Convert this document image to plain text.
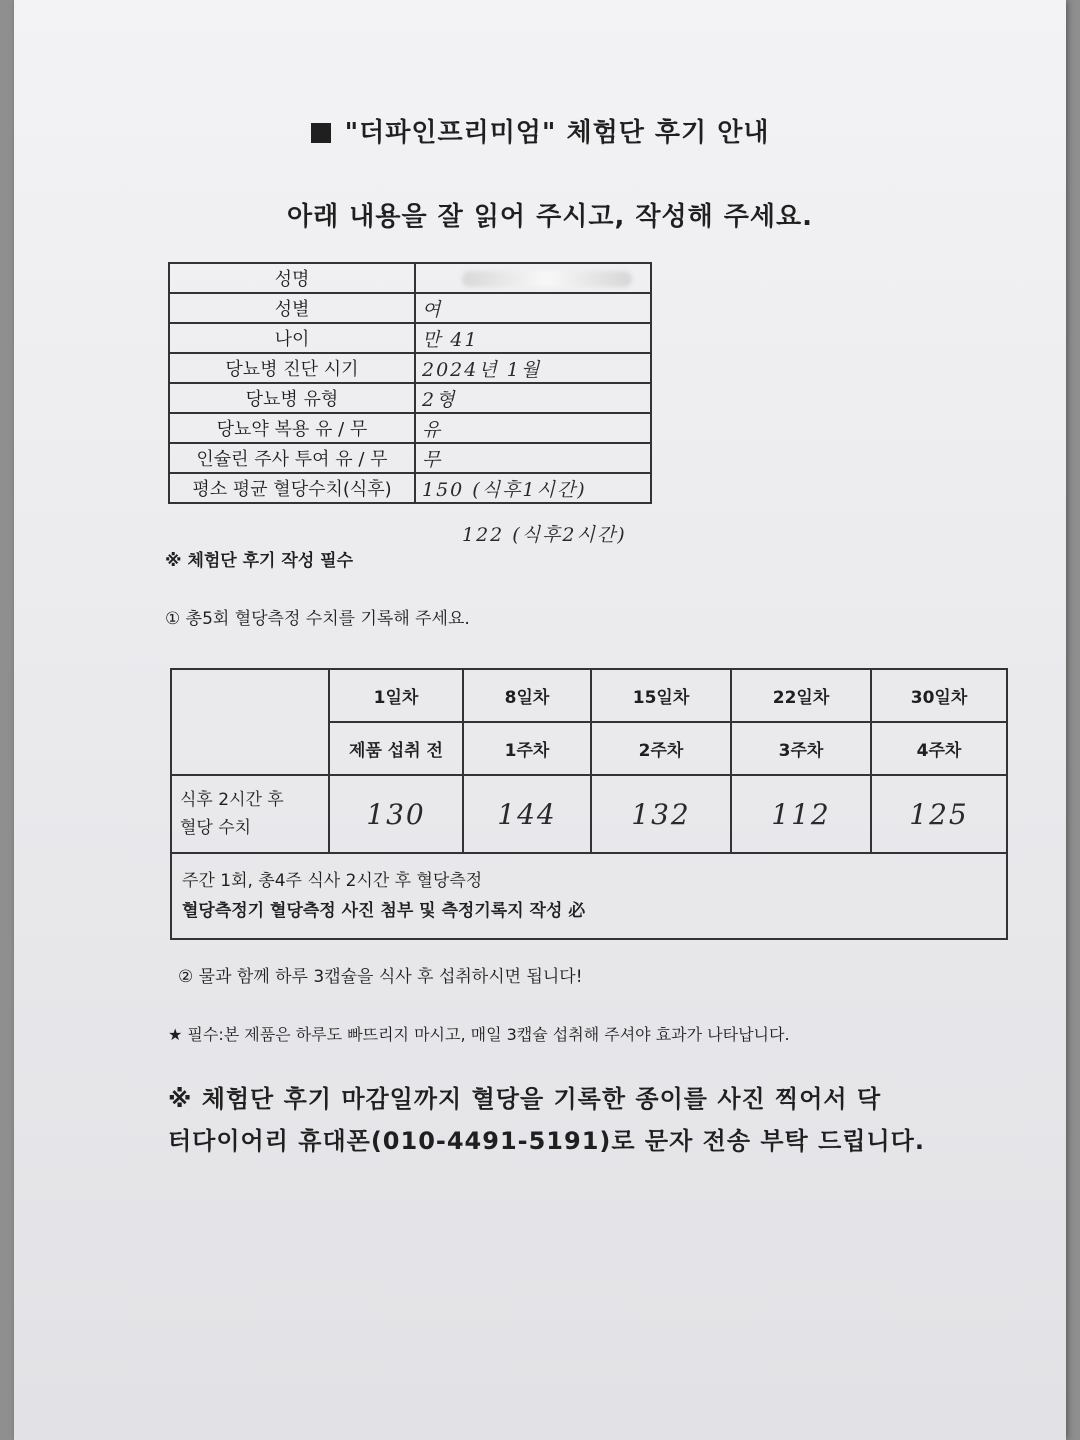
"더파인프리미엄" 체험단 후기 안내
아래 내용을 잘 읽어 주시고, 작성해 주세요.
성명	
성별	여
나이	만 41
당뇨병 진단 시기	2024년 1월
당뇨병 유형	2형
당뇨약 복용 유 / 무	유
인슐린 주사 투여 유 / 무	무
평소 평균 혈당수치(식후)	150 (식후1시간)
122 (식후2시간)
※ 체험단 후기 작성 필수
① 총5회 혈당측정 수치를 기록해 주세요.
	1일차	8일차	15일차	22일차	30일차
	제품 섭취 전	1주차	2주차	3주차	4주차

식후 2시간 후
혈당 수치	130	144	132	112	125

주간 1회, 총4주 식사 2시간 후 혈당측정
혈당측정기 혈당측정 사진 첨부 및 측정기록지 작성 必					
② 물과 함께 하루 3캡슐을 식사 후 섭취하시면 됩니다!
★ 필수:본 제품은 하루도 빠뜨리지 마시고, 매일 3캡슐 섭취해 주셔야 효과가 나타납니다.
※ 체험단 후기 마감일까지 혈당을 기록한 종이를 사진 찍어서 닥
터다이어리 휴대폰(010-4491-5191)로 문자 전송 부탁 드립니다.
